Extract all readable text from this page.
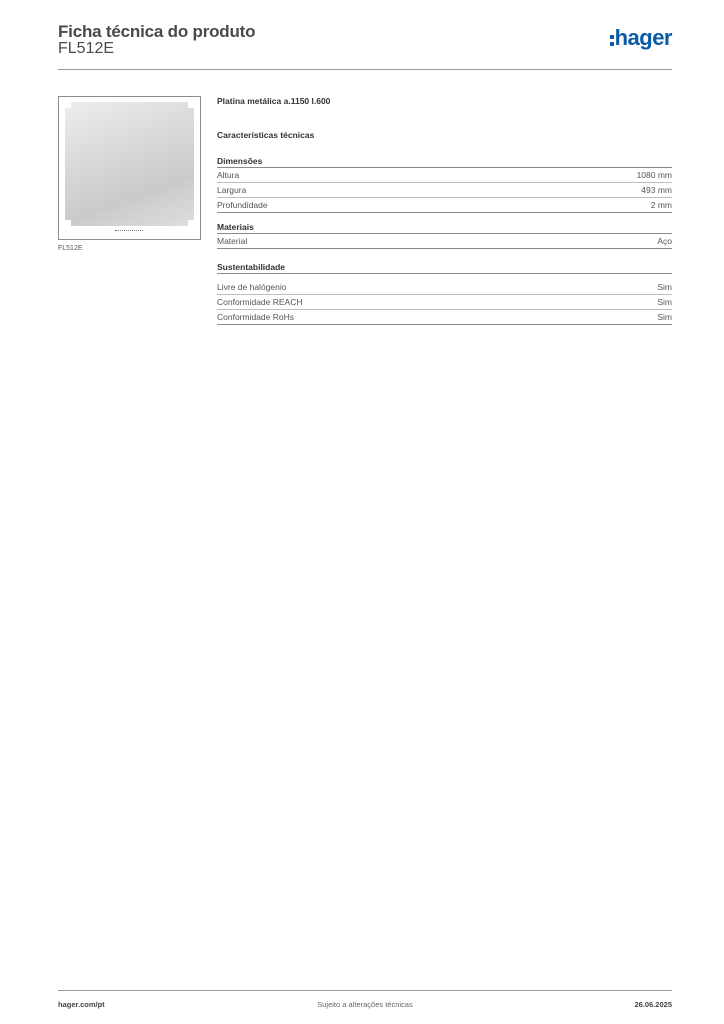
Ficha técnica do produto
FL512E	hager
FL512E
Platina metálica a.1150 l.600
Características técnicas
Dimensões
Altura	1080 mm
Largura	493 mm
Profundidade	2 mm
Materiais
Material	Aço
Sustentabilidade
Livre de halógenio	Sim
Conformidade REACH	Sim
Conformidade RoHs	Sim
hager.com/pt	Sujeito a alterações técnicas	26.06.2025
